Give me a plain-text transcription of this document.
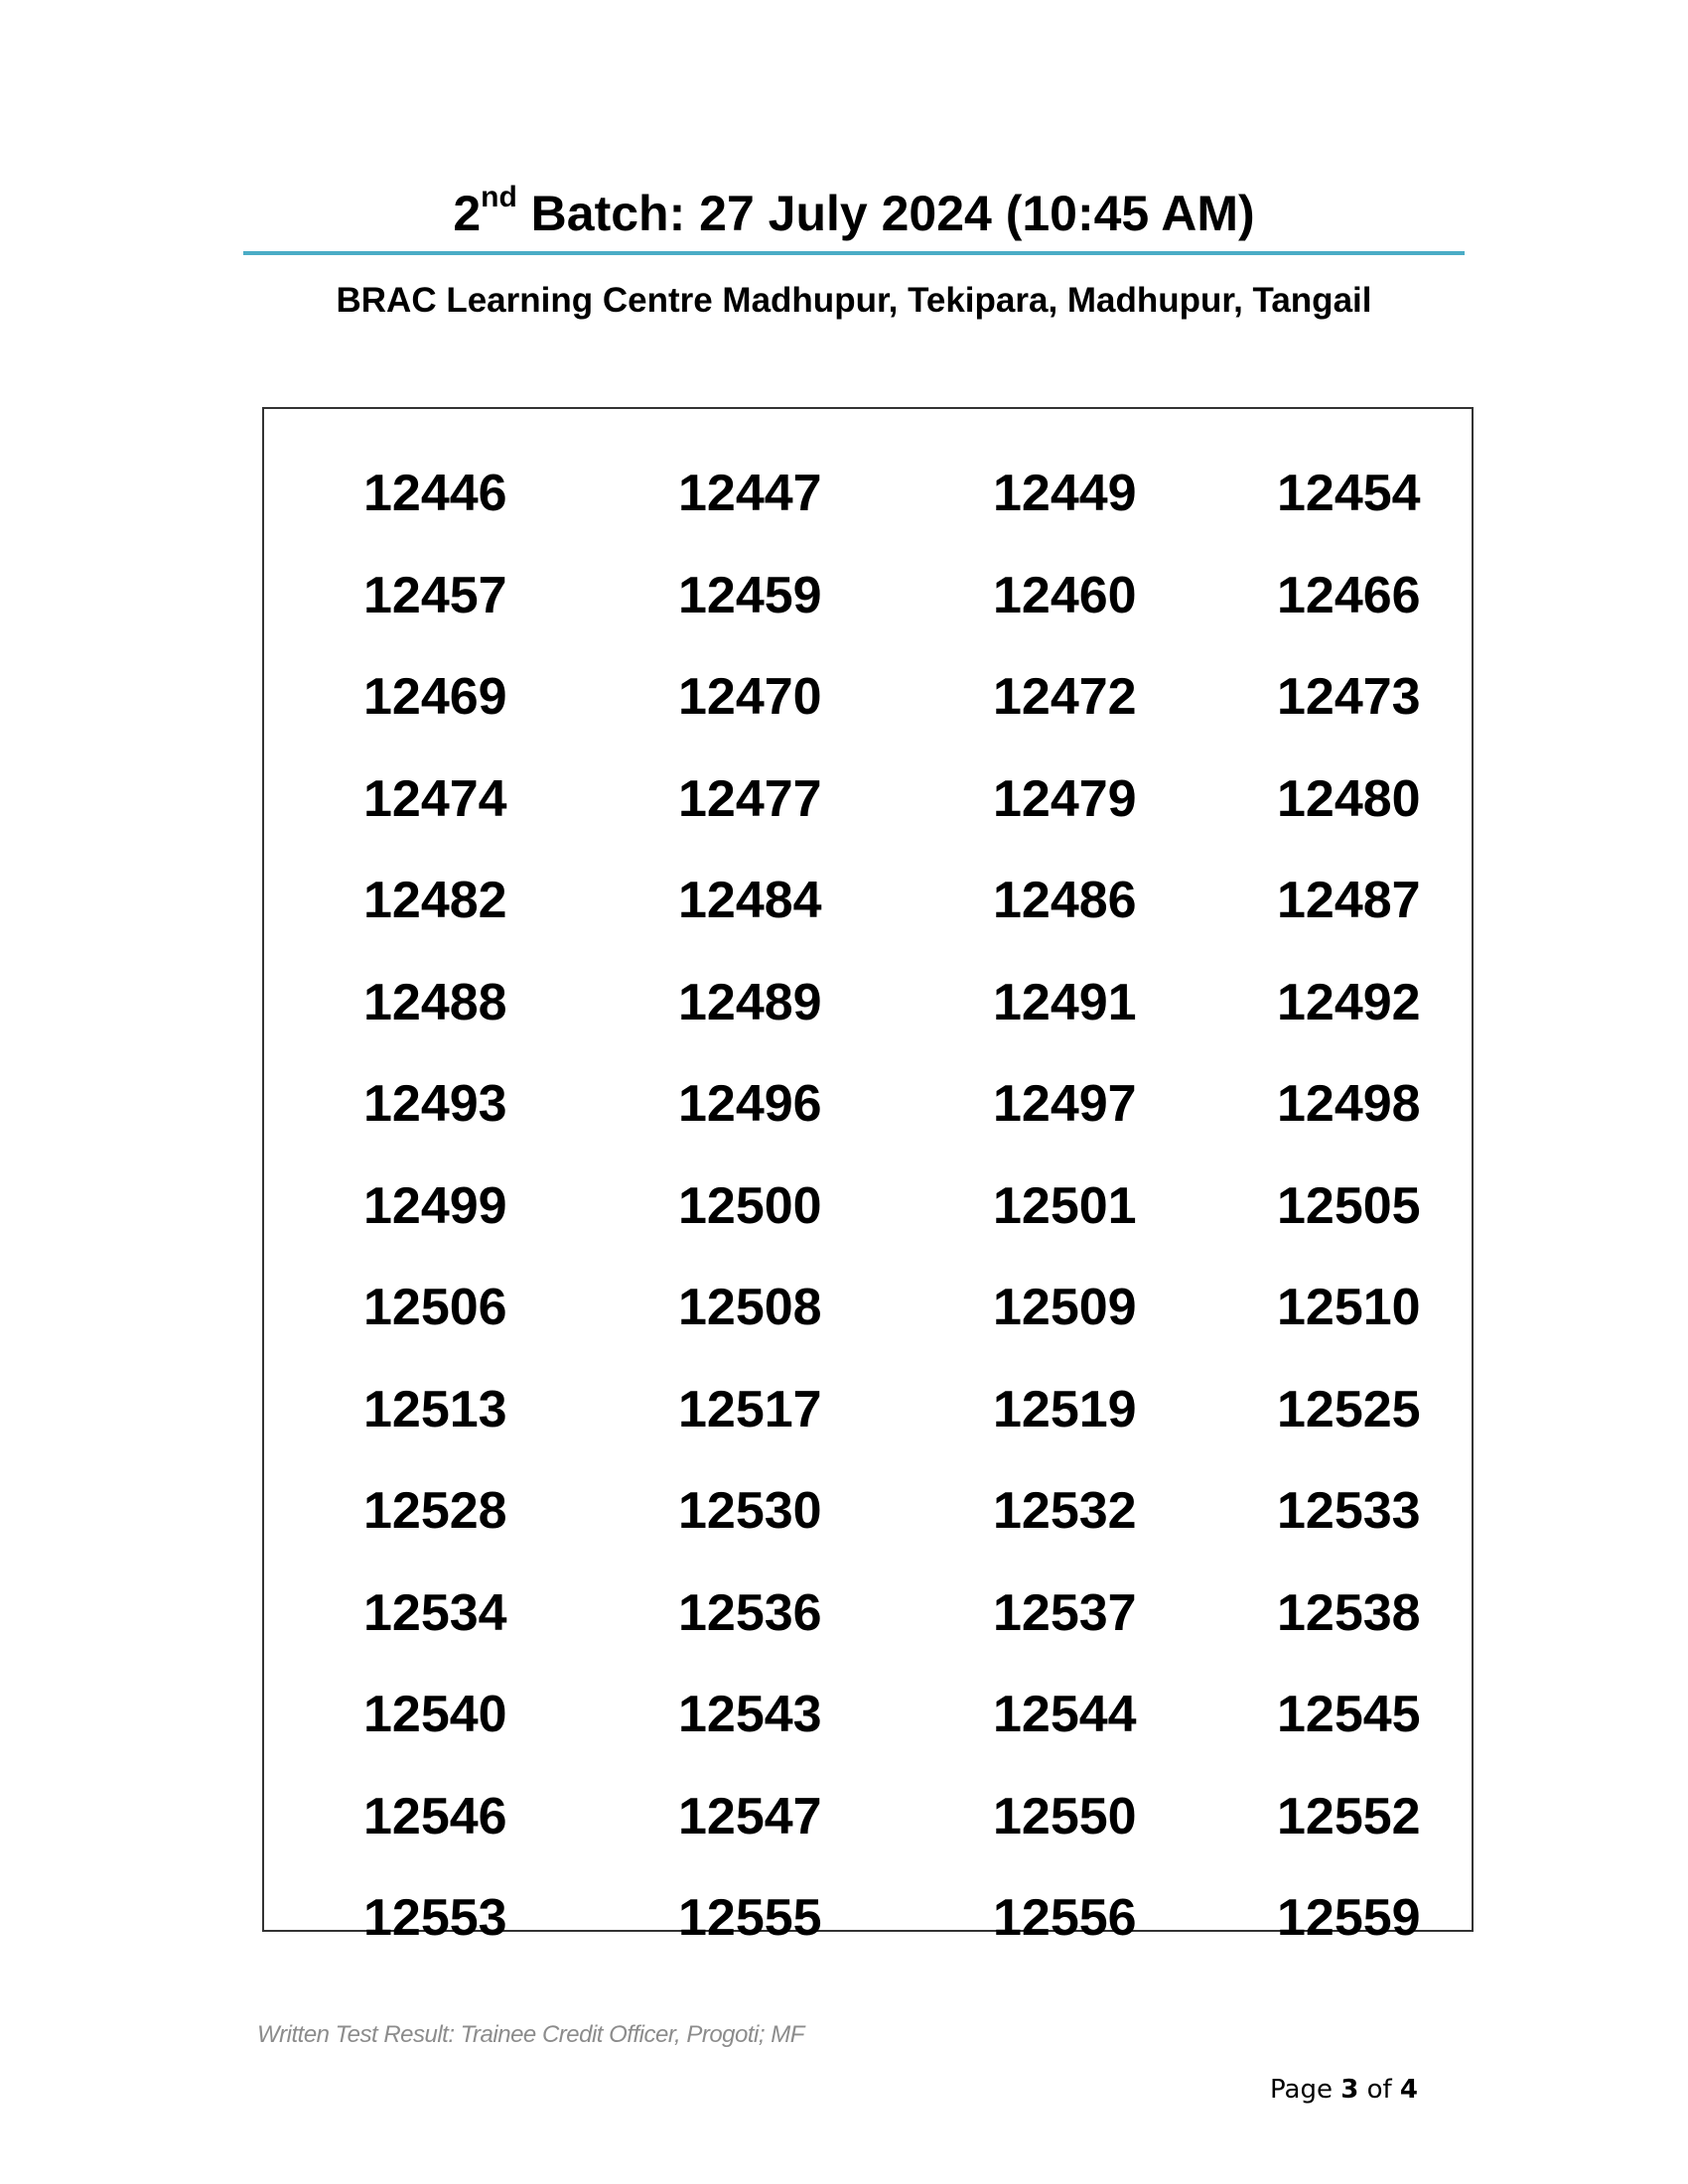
2nd Batch: 27 July 2024 (10:45 AM)

BRAC Learning Centre Madhupur, Tekipara, Madhupur, Tangail

	12446	12447	12449	12454
	12457	12459	12460	12466
	12469	12470	12472	12473
	12474	12477	12479	12480
	12482	12484	12486	12487
	12488	12489	12491	12492
	12493	12496	12497	12498
	12499	12500	12501	12505
	12506	12508	12509	12510
	12513	12517	12519	12525
	12528	12530	12532	12533
	12534	12536	12537	12538
	12540	12543	12544	12545
	12546	12547	12550	12552
	12553	12555	12556	12559

Written Test Result: Trainee Credit Officer, Progoti; MF

Page 3 of 4
